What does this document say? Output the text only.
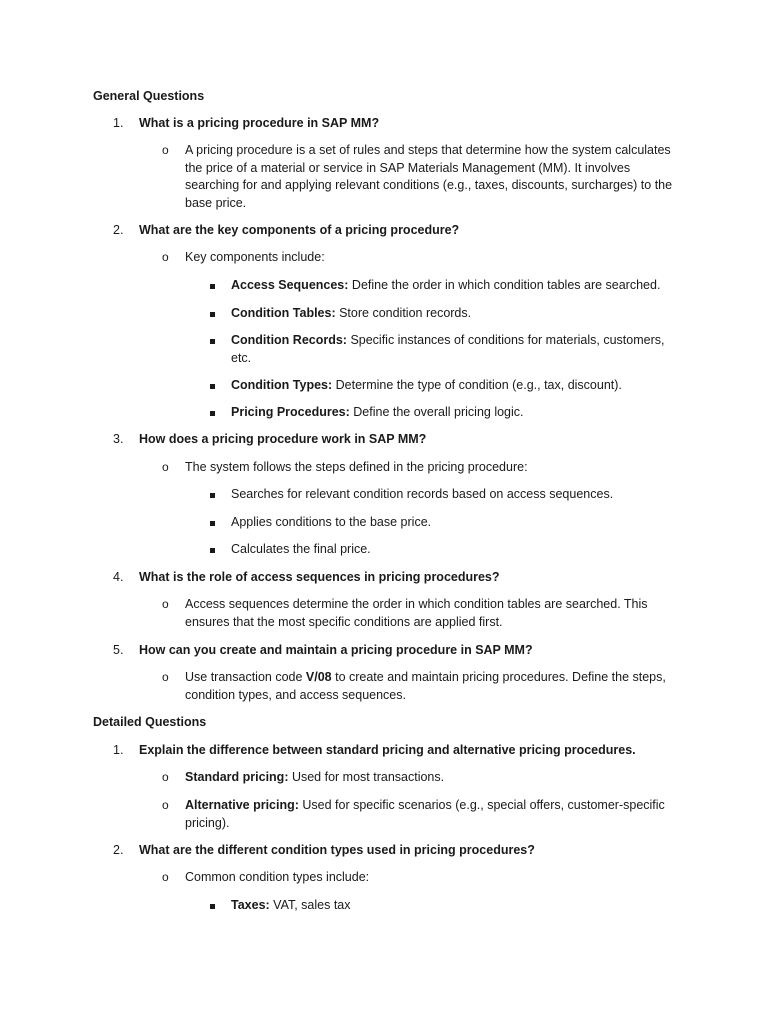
General Questions
1.	What is a pricing procedure in SAP MM?
o A pricing procedure is a set of rules and steps that determine how the system calculates the price of a material or service in SAP Materials Management (MM). It involves searching for and applying relevant conditions (e.g., taxes, discounts, surcharges) to the base price.
2.	What are the key components of a pricing procedure?
o Key components include:
Access Sequences: Define the order in which condition tables are searched.
Condition Tables: Store condition records.
Condition Records: Specific instances of conditions for materials, customers, etc.
Condition Types: Determine the type of condition (e.g., tax, discount).
Pricing Procedures: Define the overall pricing logic.
3.	How does a pricing procedure work in SAP MM?
o The system follows the steps defined in the pricing procedure:
Searches for relevant condition records based on access sequences.
Applies conditions to the base price.
Calculates the final price.
4.	What is the role of access sequences in pricing procedures?
o Access sequences determine the order in which condition tables are searched. This ensures that the most specific conditions are applied first.
5.	How can you create and maintain a pricing procedure in SAP MM?
o Use transaction code V/08 to create and maintain pricing procedures. Define the steps, condition types, and access sequences.
Detailed Questions
1.	Explain the difference between standard pricing and alternative pricing procedures.
o Standard pricing: Used for most transactions.
o Alternative pricing: Used for specific scenarios (e.g., special offers, customer-specific pricing).
2.	What are the different condition types used in pricing procedures?
o Common condition types include:
Taxes: VAT, sales tax
